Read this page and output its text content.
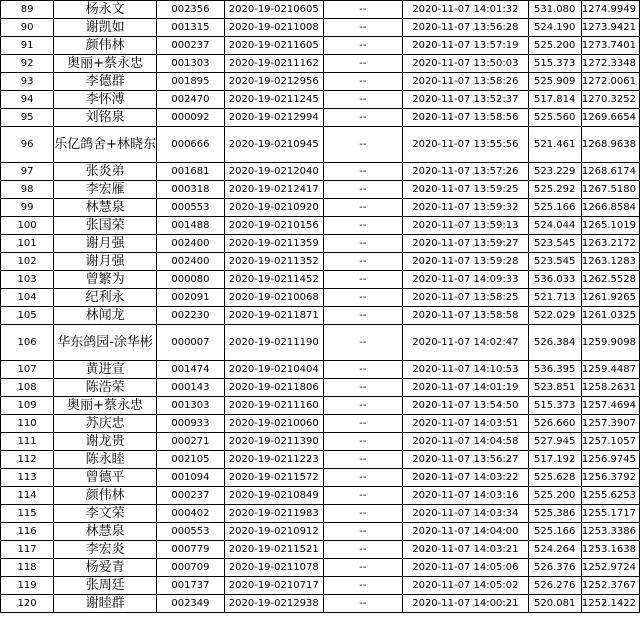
89	杨永文	002356	2020-19-0210605	--	2020-11-07 14:01:32	531.080	1274.9949
90	谢凯如	001315	2020-19-0211008	--	2020-11-07 13:56:28	524.190	1273.9421
91	颜伟林	000237	2020-19-0211605	--	2020-11-07 13:57:19	525.200	1273.7401
92	奥丽+蔡永忠	001303	2020-19-0211162	--	2020-11-07 13:50:03	515.373	1272.3348
93	李德群	001895	2020-19-0212956	--	2020-11-07 13:58:26	525.909	1272.0061
94	李怀溥	002470	2020-19-0211245	--	2020-11-07 13:52:37	517.814	1270.3252
95	刘铭泉	000092	2020-19-0212994	--	2020-11-07 13:58:56	525.560	1269.6654
96	乐亿鸽舍+林晓东	000666	2020-19-0210945	--	2020-11-07 13:55:56	521.461	1268.9638
97	张炎弟	001681	2020-19-0212040	--	2020-11-07 13:57:26	523.229	1268.6174
98	李宏雁	000318	2020-19-0212417	--	2020-11-07 13:59:25	525.292	1267.5180
99	林慧泉	000553	2020-19-0210920	--	2020-11-07 13:59:32	525.166	1266.8584
100	张国荣	001488	2020-19-0210156	--	2020-11-07 13:59:13	524.044	1265.1019
101	谢月强	002400	2020-19-0211359	--	2020-11-07 13:59:27	523.545	1263.2172
102	谢月强	002400	2020-19-0211352	--	2020-11-07 13:59:28	523.545	1263.1283
103	曾繁为	000080	2020-19-0211452	--	2020-11-07 14:09:33	536.033	1262.5528
104	纪利永	002091	2020-19-0210068	--	2020-11-07 13:58:25	521.713	1261.9265
105	林闻龙	002230	2020-19-0211871	--	2020-11-07 13:58:58	522.029	1261.0325
106	华东鸽园-涂华彬	000007	2020-19-0211190	--	2020-11-07 14:02:47	526.384	1259.9098
107	黄进宣	001474	2020-19-0210404	--	2020-11-07 14:10:53	536.395	1259.4487
108	陈浩荣	000143	2020-19-0211806	--	2020-11-07 14:01:19	523.851	1258.2631
109	奥丽+蔡永忠	001303	2020-19-0211160	--	2020-11-07 13:54:50	515.373	1257.4694
110	苏庆忠	000933	2020-19-0210060	--	2020-11-07 14:03:51	526.660	1257.3907
111	谢龙贵	000271	2020-19-0211390	--	2020-11-07 14:04:58	527.945	1257.1057
112	陈永睦	002105	2020-19-0211223	--	2020-11-07 13:56:27	517.192	1256.9745
113	曾德平	001094	2020-19-0211572	--	2020-11-07 14:03:22	525.628	1256.3792
114	颜伟林	000237	2020-19-0210849	--	2020-11-07 14:03:16	525.200	1255.6253
115	李文荣	000402	2020-19-0211983	--	2020-11-07 14:03:34	525.386	1255.1717
116	林慧泉	000553	2020-19-0210912	--	2020-11-07 14:04:00	525.166	1253.3386
117	李宏炎	000779	2020-19-0211521	--	2020-11-07 14:03:21	524.264	1253.1638
118	杨爱青	000709	2020-19-0211078	--	2020-11-07 14:05:06	526.376	1252.9724
119	张周廷	001737	2020-19-0210717	--	2020-11-07 14:05:02	526.276	1252.3767
120	谢睦群	002349	2020-19-0212938	--	2020-11-07 14:00:21	520.081	1252.1422
